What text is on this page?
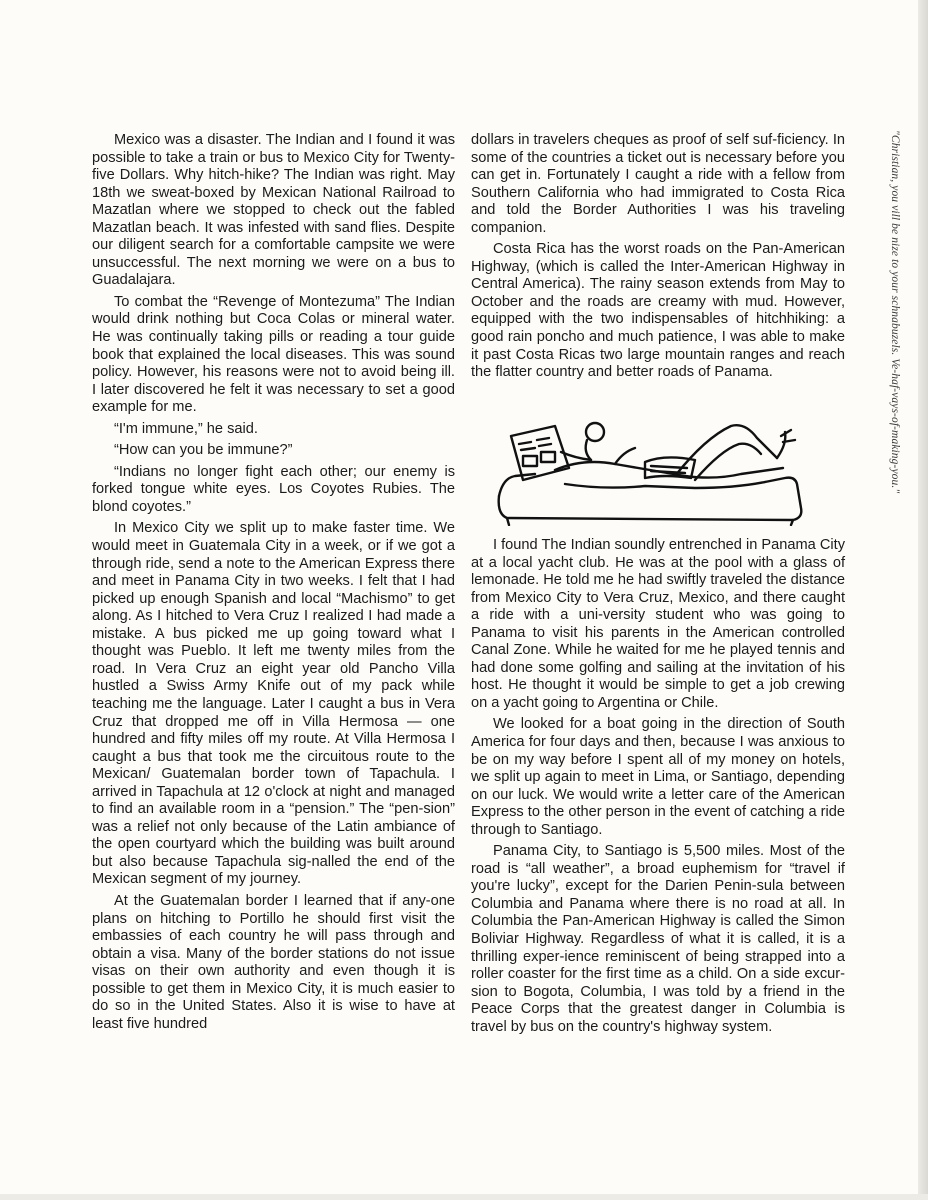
Mexico was a disaster. The Indian and I found it was possible to take a train or bus to Mexico City for Twenty-five Dollars. Why hitch-hike? The Indian was right. May 18th we sweat-boxed by Mexican National Railroad to Mazatlan where we stopped to check out the fabled Mazatlan beach. It was infested with sand flies. Despite our diligent search for a comfortable campsite we were unsuccessful. The next morning we were on a bus to Guadalajara.

To combat the “Revenge of Montezuma” The Indian would drink nothing but Coca Colas or mineral water. He was continually taking pills or reading a tour guide book that explained the local diseases. This was sound policy. However, his reasons were not to avoid being ill. I later discovered he felt it was necessary to set a good example for me.

“I'm immune,” he said.

“How can you be immune?”

“Indians no longer fight each other; our enemy is forked tongue white eyes. Los Coyotes Rubies. The blond coyotes.”

In Mexico City we split up to make faster time. We would meet in Guatemala City in a week, or if we got a through ride, send a note to the American Express there and meet in Panama City in two weeks. I felt that I had picked up enough Spanish and local “Machismo” to get along. As I hitched to Vera Cruz I realized I had made a mistake. A bus picked me up going toward what I thought was Pueblo. It left me twenty miles from the road. In Vera Cruz an eight year old Pancho Villa hustled a Swiss Army Knife out of my pack while teaching me the language. Later I caught a bus in Vera Cruz that dropped me off in Villa Hermosa — one hundred and fifty miles off my route. At Villa Hermosa I caught a bus that took me the circuitous route to the Mexican/ Guatemalan border town of Tapachula. I arrived in Tapachula at 12 o'clock at night and managed to find an available room in a “pension.” The “pen-sion” was a relief not only because of the Latin ambiance of the open courtyard which the building was built around but also because Tapachula sig-nalled the end of the Mexican segment of my journey.

At the Guatemalan border I learned that if any-one plans on hitching to Portillo he should first visit the embassies of each country he will pass through and obtain a visa. Many of the border stations do not issue visas on their own authority and even though it is possible to get them in Mexico City, it is much easier to do so in the United States. Also it is wise to have at least five hundred

dollars in travelers cheques as proof of self suf-ficiency. In some of the countries a ticket out is necessary before you can get in. Fortunately I caught a ride with a fellow from Southern California who had immigrated to Costa Rica and told the Border Authorities I was his traveling companion.

Costa Rica has the worst roads on the Pan-American Highway, (which is called the Inter-American Highway in Central America). The rainy season extends from May to October and the roads are creamy with mud. However, equipped with the two indispensables of hitchhiking: a good rain poncho and much patience, I was able to make it past Costa Ricas two large mountain ranges and reach the flatter country and better roads of Panama.

I found The Indian soundly entrenched in Panama City at a local yacht club. He was at the pool with a glass of lemonade. He told me he had swiftly traveled the distance from Mexico City to Vera Cruz, Mexico, and there caught a ride with a uni-versity student who was going to Panama to visit his parents in the American controlled Canal Zone. While he waited for me he played tennis and had done some golfing and sailing at the invitation of his host. He thought it would be simple to get a job crewing on a yacht going to Argentina or Chile.

We looked for a boat going in the direction of South America for four days and then, because I was anxious to be on my way before I spent all of my money on hotels, we split up again to meet in Lima, or Santiago, depending on our luck. We would write a letter care of the American Express to the other person in the event of catching a ride through to Santiago.

Panama City, to Santiago is 5,500 miles. Most of the road is “all weather”, a broad euphemism for “travel if you're lucky”, except for the Darien Penin-sula between Columbia and Panama where there is no road at all. In Columbia the Pan-American Highway is called the Simon Boliviar Highway. Regardless of what it is called, it is a thrilling exper-ience reminiscent of being strapped into a roller coaster for the first time as a child. On a side excur-sion to Bogota, Columbia, I was told by a friend in the Peace Corps that the greatest danger in Columbia is travel by bus on the country's highway system.

"Christian, you vill be nize to your schnabuzels. Ve-haf-vays-of-making-you."
